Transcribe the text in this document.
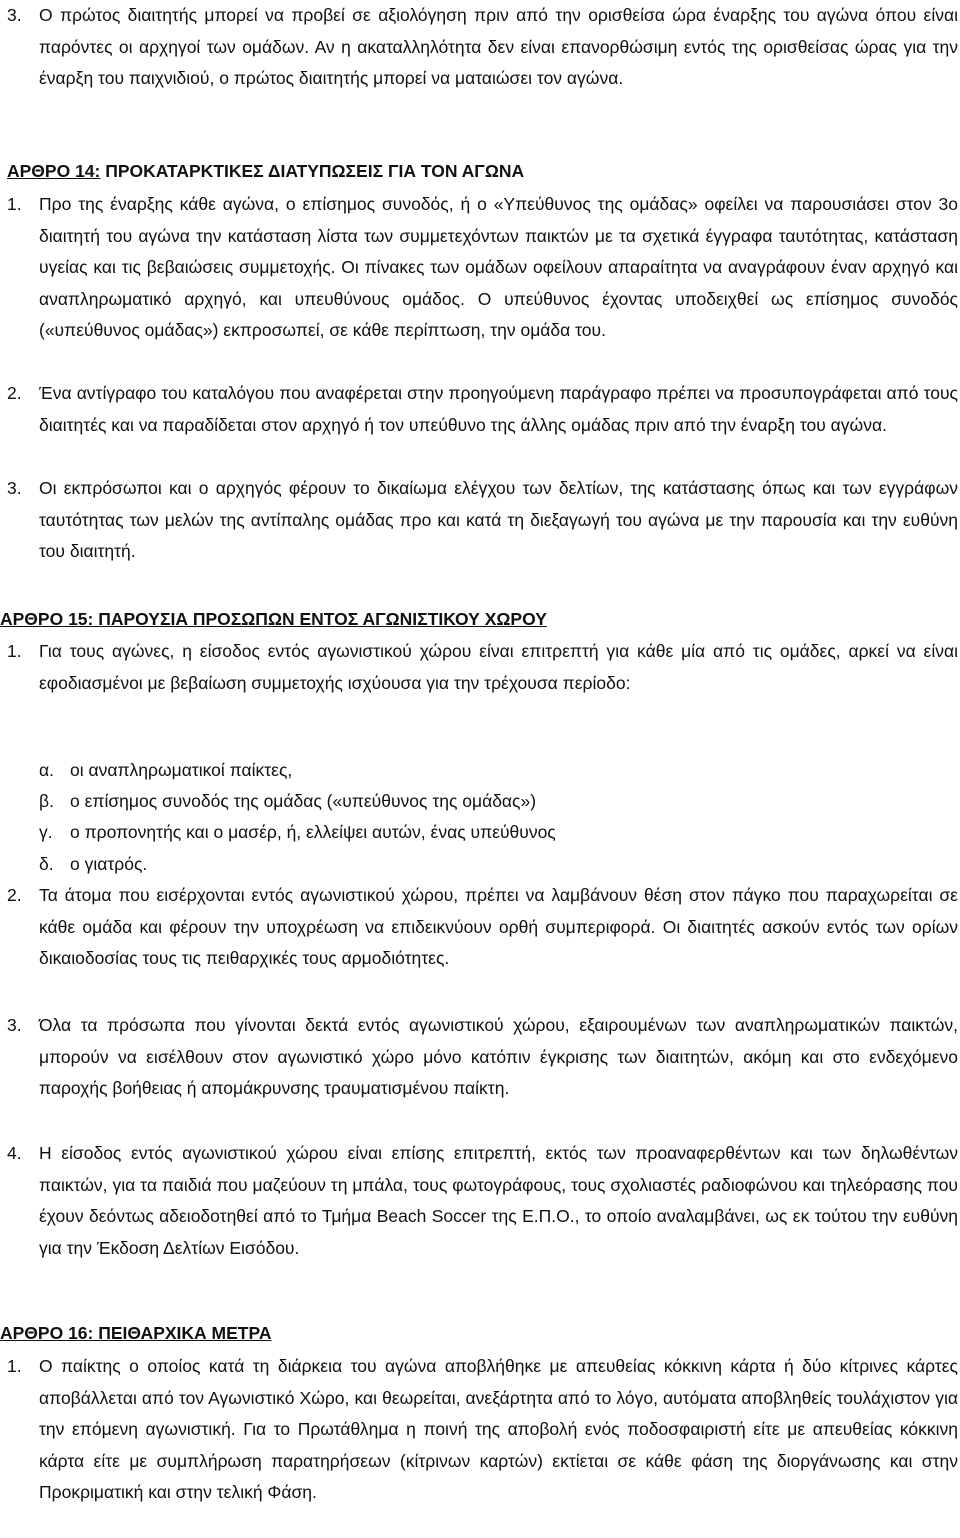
3. Ο πρώτος διαιτητής μπορεί να προβεί σε αξιολόγηση πριν από την ορισθείσα ώρα έναρξης του αγώνα όπου είναι παρόντες οι αρχηγοί των ομάδων. Αν η ακαταλληλότητα δεν είναι επανορθώσιμη εντός της ορισθείσας ώρας για την έναρξη του παιχνιδιού, ο πρώτος διαιτητής μπορεί να ματαιώσει τον αγώνα.
ΑΡΘΡΟ 14: ΠΡΟΚΑΤΑΡΚΤΙΚΕΣ ΔΙΑΤΥΠΩΣΕΙΣ ΓΙΑ ΤΟΝ ΑΓΩΝΑ
1. Προ της έναρξης κάθε αγώνα, ο επίσημος συνοδός, ή ο «Υπεύθυνος της ομάδας» οφείλει να παρουσιάσει στον 3ο διαιτητή του αγώνα την κατάσταση λίστα των συμμετεχόντων παικτών με τα σχετικά έγγραφα ταυτότητας, κατάσταση υγείας και τις βεβαιώσεις συμμετοχής. Οι πίνακες των ομάδων οφείλουν απαραίτητα να αναγράφουν έναν αρχηγό και αναπληρωματικό αρχηγό, και υπευθύνους ομάδος. Ο υπεύθυνος έχοντας υποδειχθεί ως επίσημος συνοδός («υπεύθυνος ομάδας») εκπροσωπεί, σε κάθε περίπτωση, την ομάδα του.
2. Ένα αντίγραφο του καταλόγου που αναφέρεται στην προηγούμενη παράγραφο πρέπει να προσυπογράφεται από τους διαιτητές και να παραδίδεται στον αρχηγό ή τον υπεύθυνο της άλλης ομάδας πριν από την έναρξη του αγώνα.
3. Οι εκπρόσωποι και ο αρχηγός φέρουν το δικαίωμα ελέγχου των δελτίων, της κατάστασης όπως και των εγγράφων ταυτότητας των μελών της αντίπαλης ομάδας προ και κατά τη διεξαγωγή του αγώνα με την παρουσία και την ευθύνη του διαιτητή.
ΑΡΘΡΟ 15: ΠΑΡΟΥΣΙΑ ΠΡΟΣΩΠΩΝ ΕΝΤΟΣ ΑΓΩΝΙΣΤΙΚΟΥ ΧΩΡΟΥ
1. Για τους αγώνες, η είσοδος εντός αγωνιστικού χώρου είναι επιτρεπτή για κάθε μία από τις ομάδες, αρκεί να είναι εφοδιασμένοι με βεβαίωση συμμετοχής ισχύουσα για την τρέχουσα περίοδο:
α. οι αναπληρωματικοί παίκτες,
β. ο επίσημος συνοδός της ομάδας («υπεύθυνος της ομάδας»)
γ. ο προπονητής και ο μασέρ, ή, ελλείψει αυτών, ένας υπεύθυνος
δ. ο γιατρός.
2. Τα άτομα που εισέρχονται εντός αγωνιστικού χώρου, πρέπει να λαμβάνουν θέση στον πάγκο που παραχωρείται σε κάθε ομάδα και φέρουν την υποχρέωση να επιδεικνύουν ορθή συμπεριφορά. Οι διαιτητές ασκούν εντός των ορίων δικαιοδοσίας τους τις πειθαρχικές τους αρμοδιότητες.
3. Όλα τα πρόσωπα που γίνονται δεκτά εντός αγωνιστικού χώρου, εξαιρουμένων των αναπληρωματικών παικτών, μπορούν να εισέλθουν στον αγωνιστικό χώρο μόνο κατόπιν έγκρισης των διαιτητών, ακόμη και στο ενδεχόμενο παροχής βοήθειας ή απομάκρυνσης τραυματισμένου παίκτη.
4. Η είσοδος εντός αγωνιστικού χώρου είναι επίσης επιτρεπτή, εκτός των προαναφερθέντων και των δηλωθέντων παικτών, για τα παιδιά που μαζεύουν τη μπάλα, τους φωτογράφους, τους σχολιαστές ραδιοφώνου και τηλεόρασης που έχουν δεόντως αδειοδοτηθεί από το Τμήμα Beach Soccer της Ε.Π.Ο., το οποίο αναλαμβάνει, ως εκ τούτου την ευθύνη για την Έκδοση Δελτίων Εισόδου.
ΑΡΘΡΟ 16: ΠΕΙΘΑΡΧΙΚΑ ΜΕΤΡΑ
1. Ο παίκτης ο οποίος κατά τη διάρκεια του αγώνα αποβλήθηκε με απευθείας κόκκινη κάρτα ή δύο κίτρινες κάρτες αποβάλλεται από τον Αγωνιστικό Χώρο, και θεωρείται, ανεξάρτητα από το λόγο, αυτόματα αποβληθείς τουλάχιστον για την επόμενη αγωνιστική. Για το Πρωτάθλημα η ποινή της αποβολή ενός ποδοσφαιριστή είτε με απευθείας κόκκινη κάρτα είτε με συμπλήρωση παρατηρήσεων (κίτρινων καρτών) εκτίεται σε κάθε φάση της διοργάνωσης και στην Προκριματική και στην τελική Φάση.
